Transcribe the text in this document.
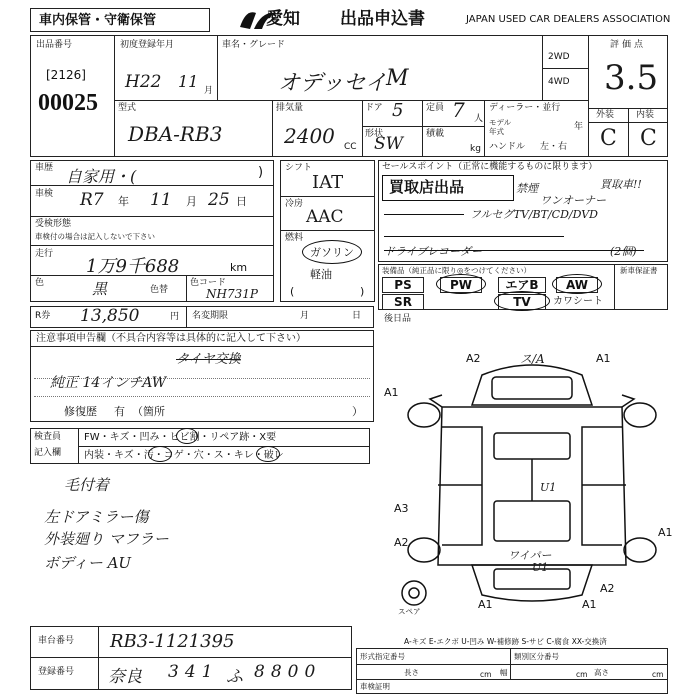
車内保管・守衛保管	愛知 出品申込書	JAPAN USED CAR DEALERS ASSOCIATION
出品番号
[2126]
00025
初度登録年月
H22 11 月
車名・グレード
オデッセイ M
2WD
4WD
評価点
3.5
外装 内装
C C
型式
DBA-RB3
排気量
2400 CC
ドア 5	定員 7 人
形状
SW	積載
kg
ディーラー・並行
モデル
年式	年
ハンドル 左・右
車歴 自家用・(	)
車検 R7 年 11 月 25 日
受検形態
車検付の場合は記入しないで下さい
走行
1万9千688	km
色	黒	色替
色コード
NH731P
シフト
IAT
冷房
AAC
燃料
ガソリン
軽油
(	)
セールスポイント（正常に機能するものに限ります）
買取店出品	禁煙
ワンオーナー
買取車!!
フルセグTV/BT/CD/DVD
ドライブレコーダー	(2個)
装備品（純正品に限り◎をつけてください）	新車保証書
PS	PW	エアB	AW
SR	TV	カワシート
R券 13,850	円 名変期限	月	日	後日品
注意事項申告欄（不具合内容等は具体的に記入して下さい）
タイヤ交換
純正 14インチAW
修復歴 有 （箇所	）
検査員
記入欄
FW・キズ・凹み・ヒビ割・リペア跡・X要
内装・キズ・汚・コゲ・穴・ス・キレ・破レ
毛付着
左ドアミラー傷
外装廻り マフラー
ボディー AU
A2	ス/A	A1
A1
A3
A2
A1
A1	A1
A2
U1
ワイパー
U1
スペア
A-キズ E-エクボ U-凹み W-補修跡 S-サビ C-腐食 XX-交換済
車台番号 RB3-1121395
登録番号 奈良 341 ふ 8800
形式指定番号	類別区分番号
車検証明
長さ	cm 幅	cm 高さ	cm
